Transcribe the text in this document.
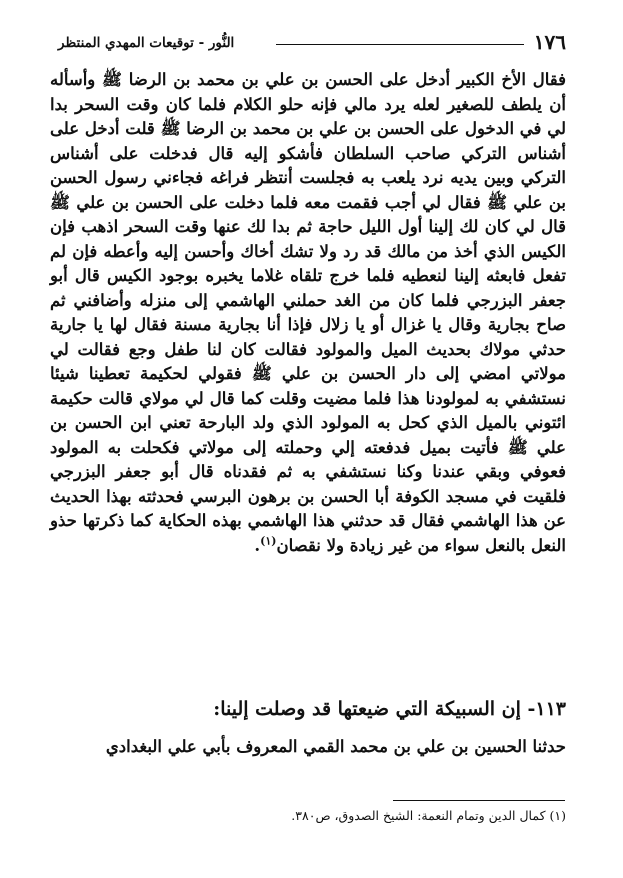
١٧٦
النُّور - توقيعات المهدي المنتظر

فقال الأخ الكبير أدخل على الحسن بن علي بن محمد بن الرضا ﷺ وأسأله أن يلطف للصغير لعله يرد مالي فإنه حلو الكلام فلما كان وقت السحر بدا لي في الدخول على الحسن بن علي بن محمد بن الرضا ﷺ قلت أدخل على أشناس التركي صاحب السلطان فأشكو إليه قال فدخلت على أشناس التركي وبين يديه نرد يلعب به فجلست أنتظر فراغه فجاءني رسول الحسن بن علي ﷺ فقال لي أجب فقمت معه فلما دخلت على الحسن بن علي ﷺ قال لي كان لك إلينا أول الليل حاجة ثم بدا لك عنها وقت السحر اذهب فإن الكيس الذي أخذ من مالك قد رد ولا تشك أخاك وأحسن إليه وأعطه فإن لم تفعل فابعثه إلينا لنعطيه فلما خرج تلقاه غلاما يخبره بوجود الكيس قال أبو جعفر البزرجي فلما كان من الغد حملني الهاشمي إلى منزله وأضافني ثم صاح بجارية وقال يا غزال أو يا زلال فإذا أنا بجارية مسنة فقال لها يا جارية حدثي مولاك بحديث الميل والمولود فقالت كان لنا طفل وجع فقالت لي مولاتي امضي إلى دار الحسن بن علي ﷺ فقولي لحكيمة تعطينا شيئا نستشفي به لمولودنا هذا فلما مضيت وقلت كما قال لي مولاي قالت حكيمة ائتوني بالميل الذي كحل به المولود الذي ولد البارحة تعني ابن الحسن بن علي ﷺ فأتيت بميل فدفعته إلي وحملته إلى مولاتي فكحلت به المولود فعوفي وبقي عندنا وكنا نستشفي به ثم فقدناه قال أبو جعفر البزرجي فلقيت في مسجد الكوفة أبا الحسن بن برهون البرسي فحدثته بهذا الحديث عن هذا الهاشمي فقال قد حدثني هذا الهاشمي بهذه الحكاية كما ذكرتها حذو النعل بالنعل سواء من غير زيادة ولا نقصان$^{(١)}$.

١١٣- إن السبيكة التي ضيعتها قد وصلت إلينا:
حدثنا الحسين بن علي بن محمد القمي المعروف بأبي علي البغدادي
(١) كمال الدين وتمام النعمة: الشيخ الصدوق، ص٣٨٠.
